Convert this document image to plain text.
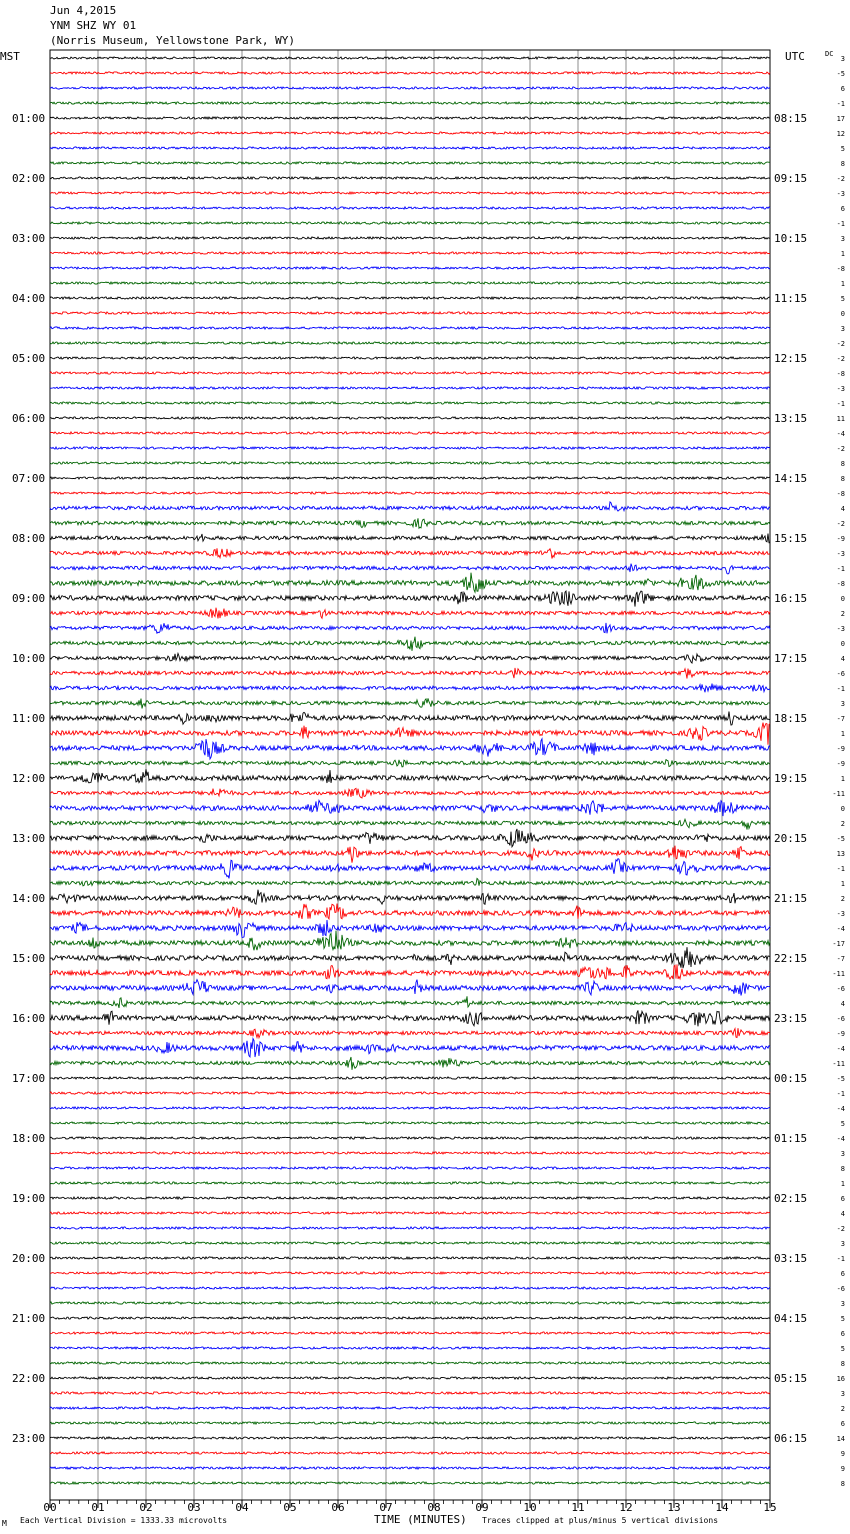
Jun 4,2015
YNM SHZ WY 01
(Norris Museum, Yellowstone Park, WY)
MST	UTC	DC
00	01	02	03	04	05	06	07	08	09	10	11	12	13	14	15
01:00
02:00
03:00
04:00
05:00
06:00
07:00
08:00
09:00
10:00
11:00
12:00
13:00
14:00
15:00
16:00
17:00
18:00
19:00
20:00
21:00
22:00
23:00
08:15
09:15
10:15
11:15
12:15
13:15
14:15
15:15
16:15
17:15
18:15
19:15
20:15
21:15
22:15
23:15
00:15
01:15
02:15
03:15
04:15
05:15
06:15
3
-5
6
-1
17
12
5
8
-2
-3
6
-1
3
1
-8
1
5
0
3
-2
-2
-8
-3
-1
11
-4
-2
8
8
-8
4
-2
-9
-3
-1
-8
0
2
-3
0
4
-6
-1
3
-7
1
-9
-9
1
-11
0
2
-5
13
-1
1
2
-3
-4
-17
-7
-11
-6
4
-6
-9
-4
-11
-5
-1
-4
5
-4
3
8
1
6
4
-2
3
-1
6
-6
3
5
6
5
8
16
3
2
6
14
9
9
8
M Each Vertical Division = 1333.33 microvolts	TIME (MINUTES) Traces clipped at plus/minus 5 vertical divisions
